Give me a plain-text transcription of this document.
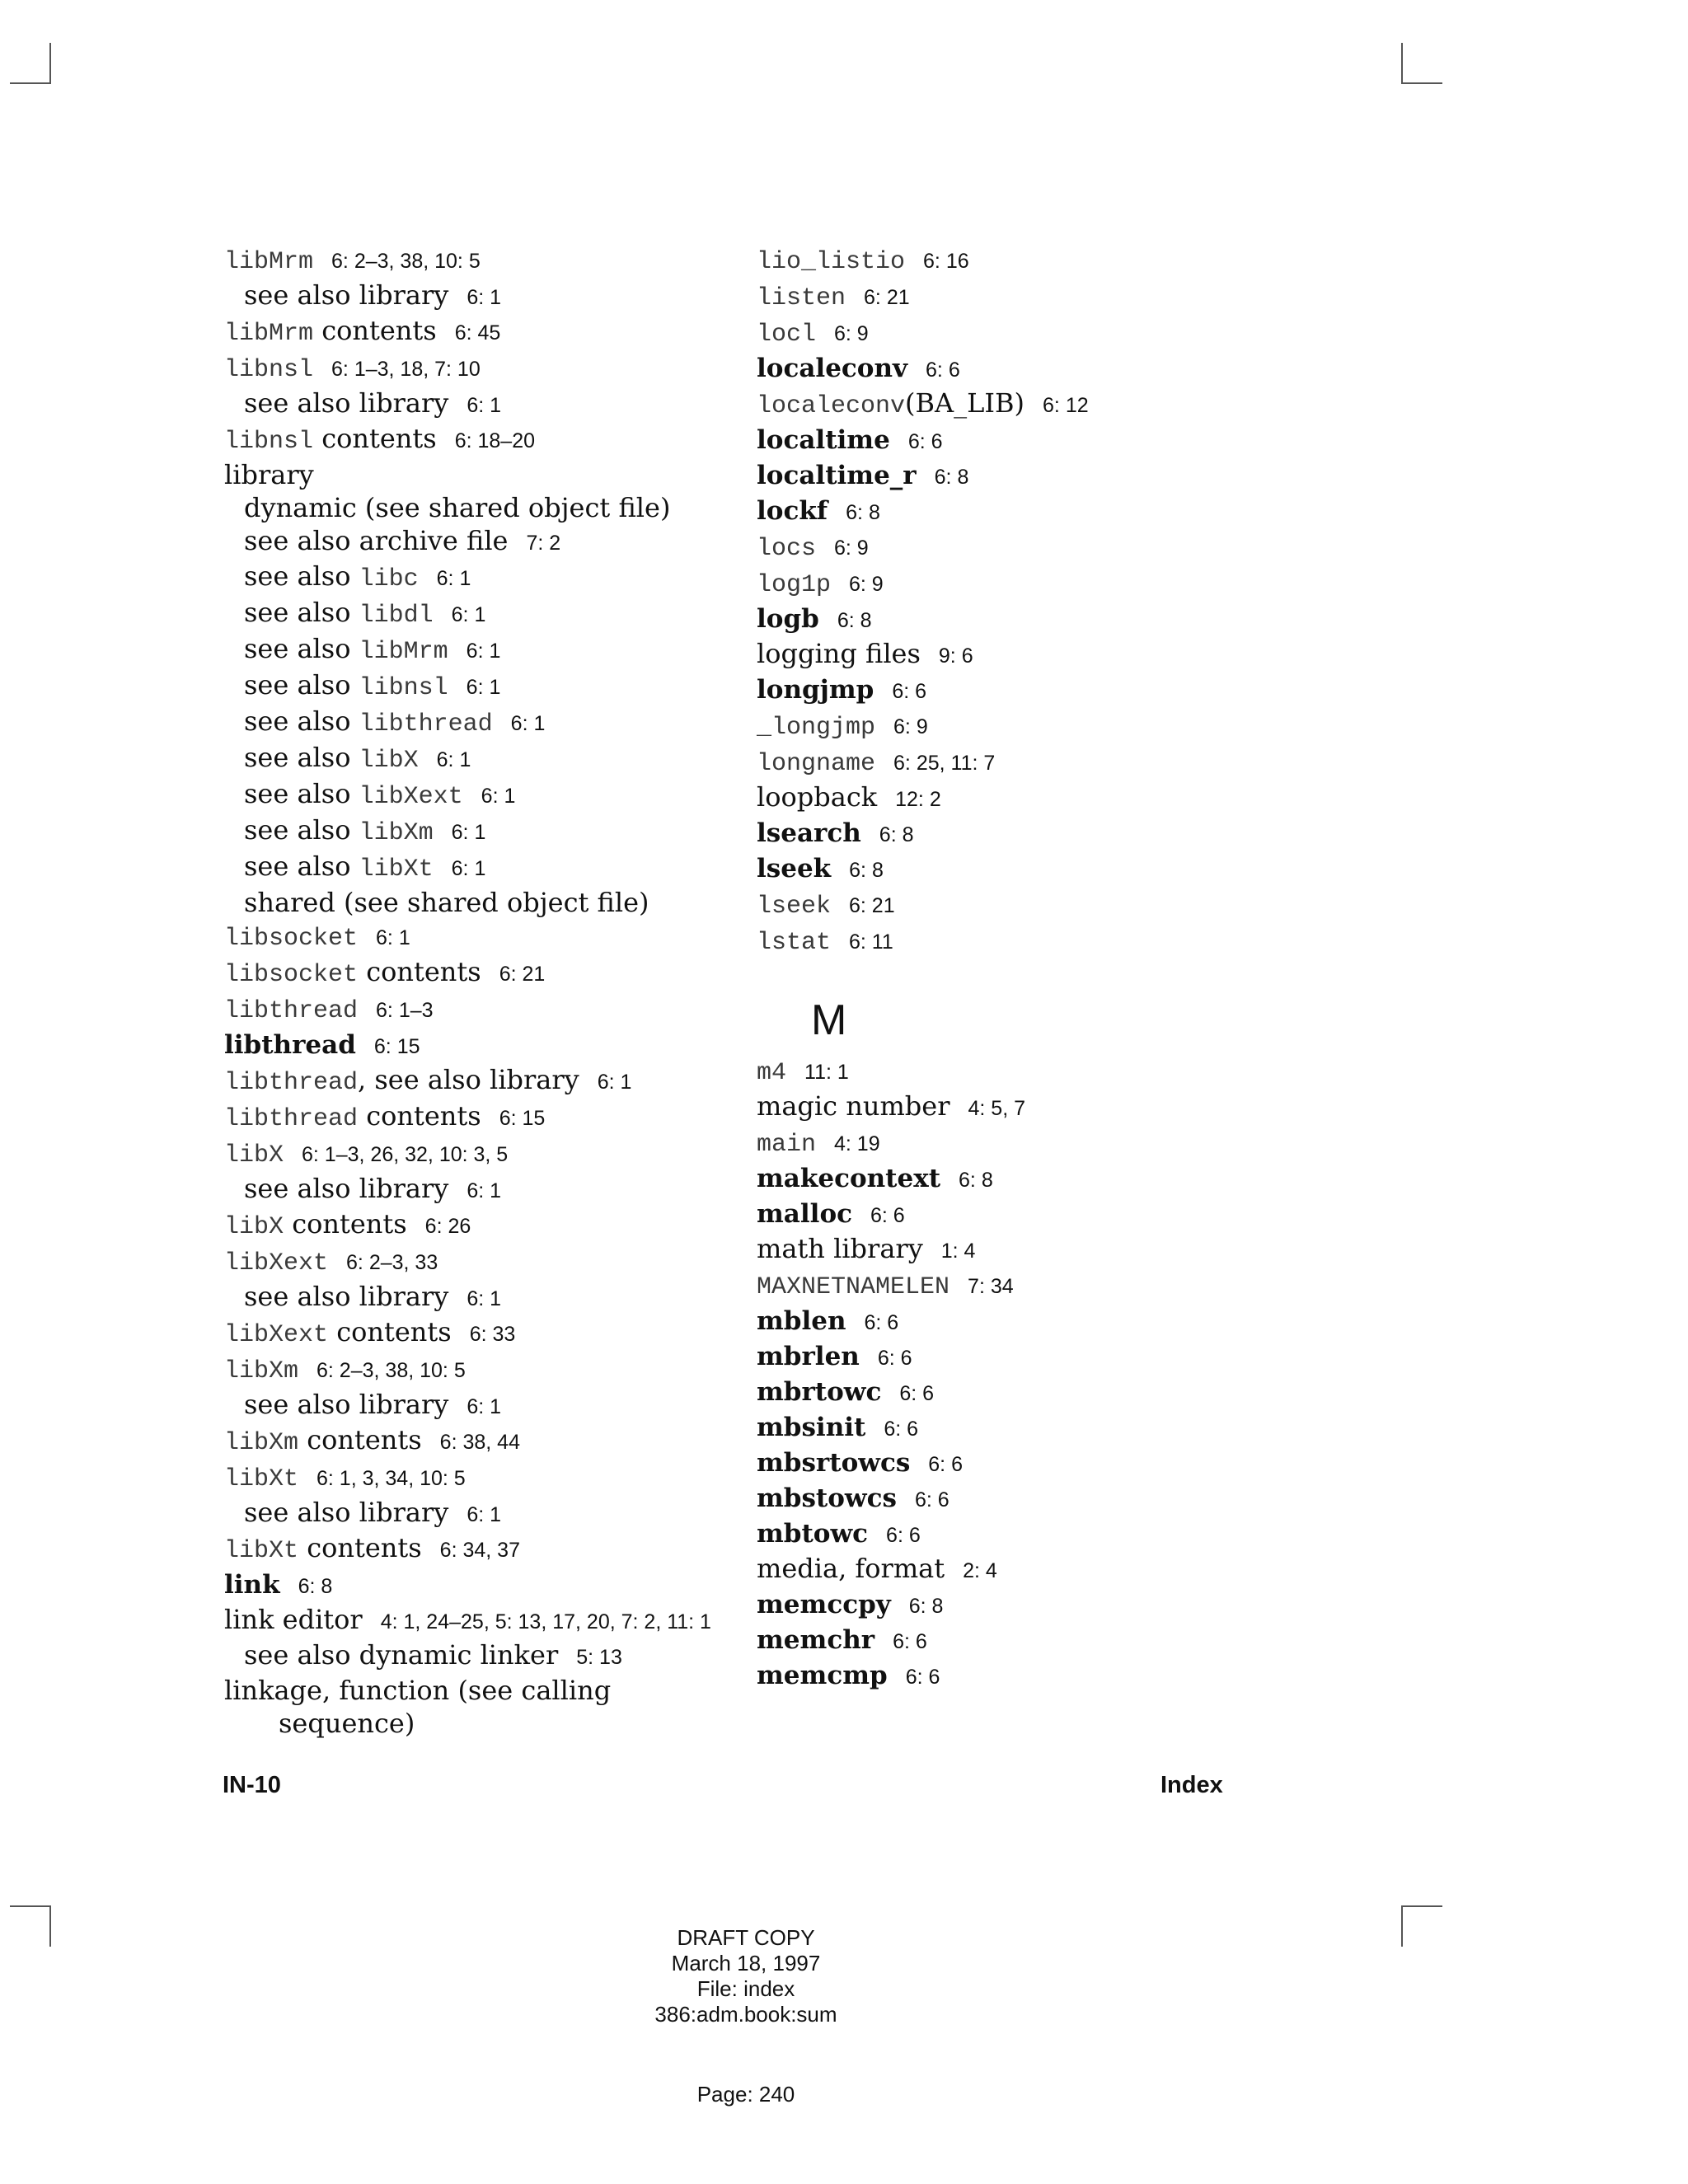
libMrm 6: 2–3, 38, 10: 5
see also library 6: 1
libMrm contents 6: 45
libnsl 6: 1–3, 18, 7: 10
see also library 6: 1
libnsl contents 6: 18–20
library
dynamic (see shared object file)
see also archive file 7: 2
see also libc 6: 1
see also libdl 6: 1
see also libMrm 6: 1
see also libnsl 6: 1
see also libthread 6: 1
see also libX 6: 1
see also libXext 6: 1
see also libXm 6: 1
see also libXt 6: 1
shared (see shared object file)
libsocket 6: 1
libsocket contents 6: 21
libthread 6: 1–3
libthread 6: 15
libthread, see also library 6: 1
libthread contents 6: 15
libX 6: 1–3, 26, 32, 10: 3, 5
see also library 6: 1
libX contents 6: 26
libXext 6: 2–3, 33
see also library 6: 1
libXext contents 6: 33
libXm 6: 2–3, 38, 10: 5
see also library 6: 1
libXm contents 6: 38, 44
libXt 6: 1, 3, 34, 10: 5
see also library 6: 1
libXt contents 6: 34, 37
link 6: 8
link editor 4: 1, 24–25, 5: 13, 17, 20, 7: 2, 11: 1
see also dynamic linker 5: 13
linkage, function (see calling sequence)
lio_listio 6: 16
listen 6: 21
locl 6: 9
localeconv 6: 6
localeconv(BA_LIB) 6: 12
localtime 6: 6
localtime_r 6: 8
lockf 6: 8
locs 6: 9
log1p 6: 9
logb 6: 8
logging files 9: 6
longjmp 6: 6
_longjmp 6: 9
longname 6: 25, 11: 7
loopback 12: 2
lsearch 6: 8
lseek 6: 8
lseek 6: 21
lstat 6: 11
M
m4 11: 1
magic number 4: 5, 7
main 4: 19
makecontext 6: 8
malloc 6: 6
math library 1: 4
MAXNETNAMELEN 7: 34
mblen 6: 6
mbrlen 6: 6
mbrtowc 6: 6
mbsinit 6: 6
mbsrtowcs 6: 6
mbstowcs 6: 6
mbtowc 6: 6
media, format 2: 4
memccpy 6: 8
memchr 6: 6
memcmp 6: 6
IN-10	Index
DRAFT COPY
March 18, 1997
File: index
386:adm.book:sum
Page: 240
